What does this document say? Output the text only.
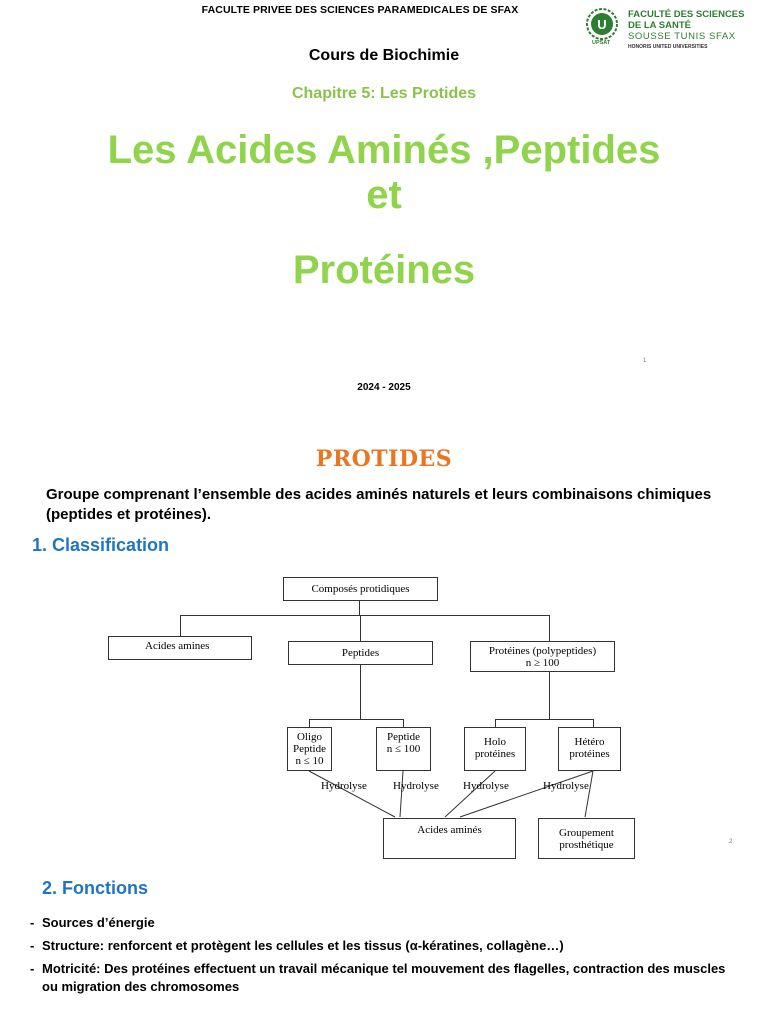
FACULTE PRIVEE DES SCIENCES PARAMEDICALES DE SFAX
U
UPSAT
FACULTÉ DES SCIENCES
DE LA SANTÉ
SOUSSE TUNIS SFAX
HONORIS UNITED UNIVERSITIES
Cours de Biochimie
Chapitre 5: Les Protides
Les Acides Aminés ,Peptides
et
Protéines
1
2024 - 2025
PROTIDES
Groupe comprenant l’ensemble des acides aminés naturels et leurs combinaisons chimiques (peptides et protéines).
1. Classification
Composés protidiques
Acides amines
Peptides	Protéines (polypeptides)
n ≥ 100
Oligo
Peptide
n ≤ 10
Peptide
n ≤ 100
Holo
protéines
Hétéro
protéines
Hydrolyse Hydrolyse Hydrolyse	Hydrolyse
Acides aminés	Groupement
prosthétique	2
2. Fonctions
- Sources d’énergie
- Structure: renforcent et protègent les cellules et les tissus (α-kératines, collagène…)
- Motricité: Des protéines effectuent un travail mécanique tel mouvement des flagelles, contraction des muscles ou migration des chromosomes
